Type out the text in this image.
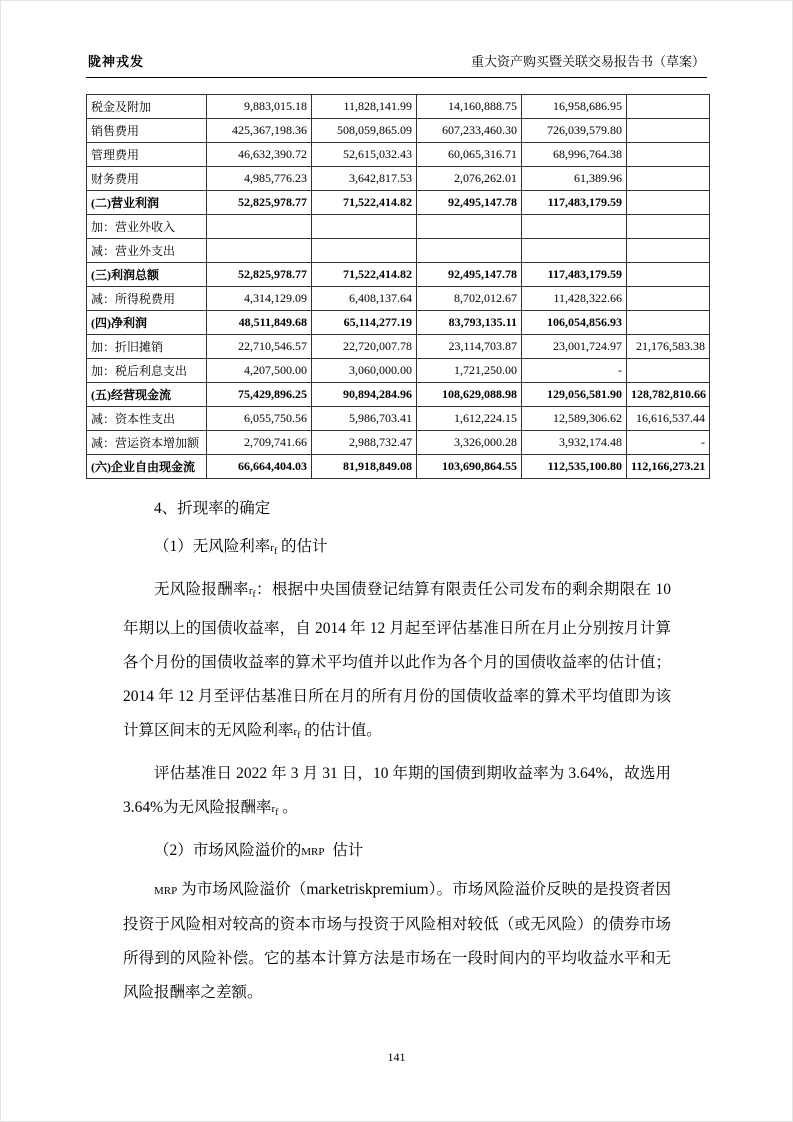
陇神戎发	重大资产购买暨关联交易报告书（草案）
税金及附加	9,883,015.18	11,828,141.99	14,160,888.75	16,958,686.95	
销售费用	425,367,198.36	508,059,865.09	607,233,460.30	726,039,579.80	
管理费用	46,632,390.72	52,615,032.43	60,065,316.71	68,996,764.38	
财务费用	4,985,776.23	3,642,817.53	2,076,262.01	61,389.96	
(二)营业利润	52,825,978.77	71,522,414.82	92,495,147.78	117,483,179.59	
加：营业外收入					
减：营业外支出					
(三)利润总额	52,825,978.77	71,522,414.82	92,495,147.78	117,483,179.59	
减：所得税费用	4,314,129.09	6,408,137.64	8,702,012.67	11,428,322.66	
(四)净利润	48,511,849.68	65,114,277.19	83,793,135.11	106,054,856.93	
加：折旧摊销	22,710,546.57	22,720,007.78	23,114,703.87	23,001,724.97	21,176,583.38
加：税后利息支出	4,207,500.00	3,060,000.00	1,721,250.00	-	
(五)经营现金流	75,429,896.25	90,894,284.96	108,629,088.98	129,056,581.90	128,782,810.66
减：资本性支出	6,055,750.56	5,986,703.41	1,612,224.15	12,589,306.62	16,616,537.44
减：营运资本增加额	2,709,741.66	2,988,732.47	3,326,000.28	3,932,174.48	-
(六)企业自由现金流	66,664,404.03	81,918,849.08	103,690,864.55	112,535,100.80	112,166,273.21

4、折现率的确定

（1）无风险利率rf 的估计

无风险报酬率rf：根据中央国债登记结算有限责任公司发布的剩余期限在 10 年期以上的国债收益率，自 2014 年 12 月起至评估基准日所在月止分别按月计算各个月份的国债收益率的算术平均值并以此作为各个月的国债收益率的估计值；2014 年 12 月至评估基准日所在月的所有月份的国债收益率的算术平均值即为该计算区间末的无风险利率rf 的估计值。

评估基准日 2022 年 3 月 31 日，10 年期的国债到期收益率为 3.64%，故选用 3.64%为无风险报酬率rf 。

（2）市场风险溢价的MRP  估计

MRP 为市场风险溢价（marketriskpremium）。市场风险溢价反映的是投资者因投资于风险相对较高的资本市场与投资于风险相对较低（或无风险）的债券市场所得到的风险补偿。它的基本计算方法是市场在一段时间内的平均收益水平和无风险报酬率之差额。

141
